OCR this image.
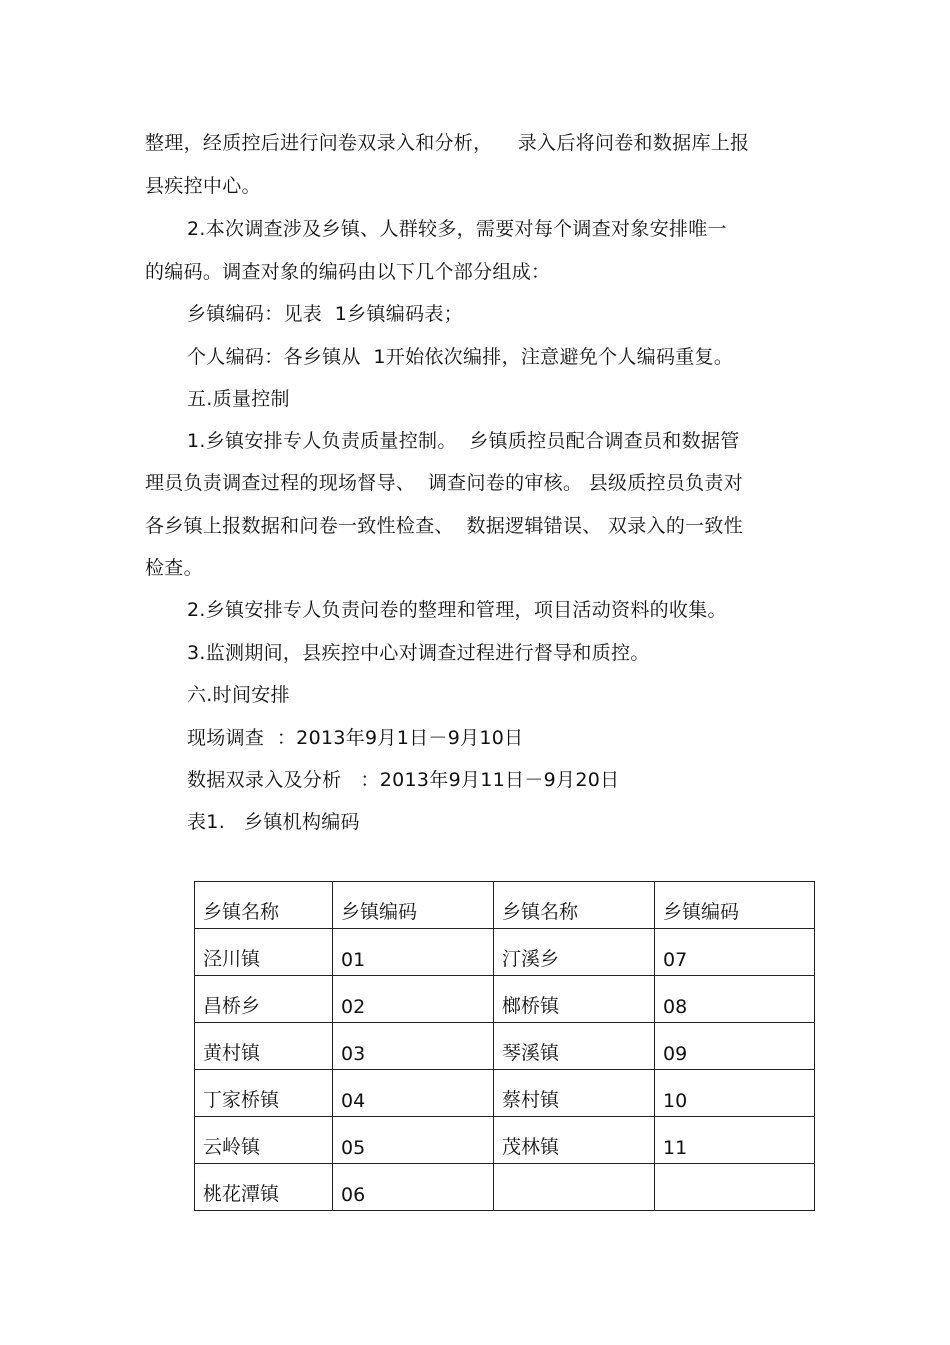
整理，经质控后进行问卷双录入和分析，    录入后将问卷和数据库上报
县疾控中心。
2.本次调查涉及乡镇、人群较多，需要对每个调查对象安排唯一
的编码。调查对象的编码由以下几个部分组成：
乡镇编码：见表  1乡镇编码表；
个人编码：各乡镇从  1开始依次编排，注意避免个人编码重复。
五.质量控制
1.乡镇安排专人负责质量控制。  乡镇质控员配合调查员和数据管
理员负责调查过程的现场督导、  调查问卷的审核。 县级质控员负责对
各乡镇上报数据和问卷一致性检查、  数据逻辑错误、 双录入的一致性
检查。
2.乡镇安排专人负责问卷的整理和管理，项目活动资料的收集。
3.监测期间，县疾控中心对调查过程进行督导和质控。
六.时间安排
现场调查  ：2013年9月1日－9月10日
数据双录入及分析   ：2013年9月11日－9月20日
表1.   乡镇机构编码
乡镇名称	乡镇编码	乡镇名称	乡镇编码
泾川镇	01	汀溪乡	07
昌桥乡	02	榔桥镇	08
黄村镇	03	琴溪镇	09
丁家桥镇	04	蔡村镇	10
云岭镇	05	茂林镇	11
桃花潭镇	06		
